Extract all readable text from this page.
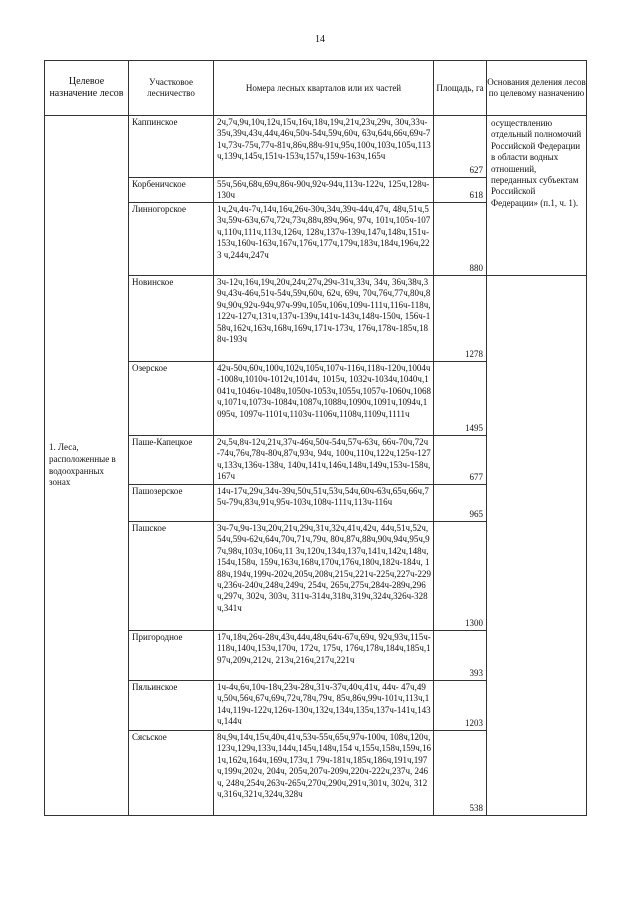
14
Целевое назначение лесов	Участковое лесничество	Номера лесных кварталов или их частей	Площадь, га	Основания деления лесов по целевому назначению
1. Леса, расположенные в водоохранных зонах	Каппинское	2ч,7ч,9ч,10ч,12ч,15ч,16ч,18ч,19ч,21ч,23ч,29ч, 30ч,33ч-35ч,39ч,43ч,44ч,46ч,50ч-54ч,59ч,60ч, 63ч,64ч,66ч,69ч-71ч,73ч-75ч,77ч-81ч,86ч,88ч-91ч,95ч,100ч,103ч,105ч,113ч,139ч,145ч,151ч-153ч,157ч,159ч-163ч,165ч	627	осуществлению отдельный полномочий Российской Федерации в области водных отношений, переданных субъектам Российской Федерации» (п.1, ч. 1).
	Корбеничское	55ч,56ч,68ч,69ч,86ч-90ч,92ч-94ч,113ч-122ч, 125ч,128ч-130ч	618	
	Линногорское	1ч,2ч,4ч-7ч,14ч,16ч,26ч-30ч,34ч,39ч-44ч,47ч, 48ч,51ч,53ч,59ч-63ч,67ч,72ч,73ч,88ч,89ч,96ч, 97ч, 101ч,105ч-107ч,110ч,111ч,113ч,126ч, 128ч,137ч-139ч,147ч,148ч,151ч-153ч,160ч-163ч,167ч,176ч,177ч,179ч,183ч,184ч,196ч,223 ч,244ч,247ч	880	
	Новинское	3ч-12ч,16ч,19ч,20ч,24ч,27ч,29ч-31ч,33ч, 34ч, 36ч,38ч,39ч,43ч-46ч,51ч-54ч,59ч,60ч, 62ч, 69ч, 70ч,76ч,77ч,80ч,89ч,90ч,92ч-94ч,97ч-99ч,105ч,106ч,109ч-111ч,116ч-118ч,122ч-127ч,131ч,137ч-139ч,141ч-143ч,148ч-150ч, 156ч-158ч,162ч,163ч,168ч,169ч,171ч-173ч, 176ч,178ч-185ч,188ч-193ч	1278	
	Озерское	42ч-50ч,60ч,100ч,102ч,105ч,107ч-116ч,118ч-120ч,1004ч-1008ч,1010ч-1012ч,1014ч, 1015ч, 1032ч-1034ч,1040ч,1041ч,1046ч-1048ч,1050ч-1053ч,1055ч,1057ч-1060ч,1068ч,1071ч,1073ч-1084ч,1087ч,1088ч,1090ч,1091ч,1094ч,1095ч, 1097ч-1101ч,1103ч-1106ч,1108ч,1109ч,1111ч	1495	
	Паше-Капецкое	2ч,5ч,8ч-12ч,21ч,37ч-46ч,50ч-54ч,57ч-63ч, 66ч-70ч,72ч-74ч,76ч,78ч-80ч,87ч,93ч, 94ч, 100ч,110ч,122ч,125ч-127ч,133ч,136ч-138ч, 140ч,141ч,146ч,148ч,149ч,153ч-158ч,167ч	677	
	Пашозерское	14ч-17ч,29ч,34ч-39ч,50ч,51ч,53ч,54ч,60ч-63ч,65ч,66ч,75ч-79ч,83ч,91ч,95ч-103ч,108ч-111ч,113ч-116ч	965	
	Пашское	3ч-7ч,9ч-13ч,20ч,21ч,29ч,31ч,32ч,41ч,42ч, 44ч,51ч,52ч,54ч,59ч-62ч,64ч,70ч,71ч,79ч, 80ч,87ч,88ч,90ч,94ч,95ч,97ч,98ч,103ч,106ч,11 3ч,120ч,134ч,137ч,141ч,142ч,148ч,154ч,158ч, 159ч,163ч,168ч,170ч,176ч,180ч,182ч-184ч, 188ч,194ч,199ч-202ч,205ч,208ч,215ч,221ч-225ч,227ч-229ч,236ч-240ч,248ч,249ч, 254ч, 265ч,275ч,284ч-289ч,296ч,297ч, 302ч, 303ч, 311ч-314ч,318ч,319ч,324ч,326ч-328ч,341ч	1300	
	Пригородное	17ч,18ч,26ч-28ч,43ч,44ч,48ч,64ч-67ч,69ч, 92ч,93ч,115ч-118ч,140ч,153ч,170ч, 172ч, 175ч, 176ч,178ч,184ч,185ч,197ч,209ч,212ч, 213ч,216ч,217ч,221ч	393	
	Пяльинское	1ч-4ч,6ч,10ч-18ч,23ч-28ч,31ч-37ч,40ч,41ч, 44ч- 47ч,49ч,50ч,56ч,67ч,69ч,72ч,78ч,79ч, 85ч,86ч,99ч-101ч,113ч,114ч,119ч-122ч,126ч-130ч,132ч,134ч,135ч,137ч-141ч,143ч,144ч	1203	
	Сясьское	8ч,9ч,14ч,15ч,40ч,41ч,53ч-55ч,65ч,97ч-100ч, 108ч,120ч,123ч,129ч,133ч,144ч,145ч,148ч,154 ч,155ч,158ч,159ч,161ч,162ч,164ч,169ч,173ч,1 79ч-181ч,185ч,186ч,191ч,197ч,199ч,202ч, 204ч, 205ч,207ч-209ч,220ч-222ч,237ч, 246ч, 248ч,254ч,263ч-265ч,270ч,290ч,291ч,301ч, 302ч, 312ч,316ч,321ч,324ч,328ч	538	
